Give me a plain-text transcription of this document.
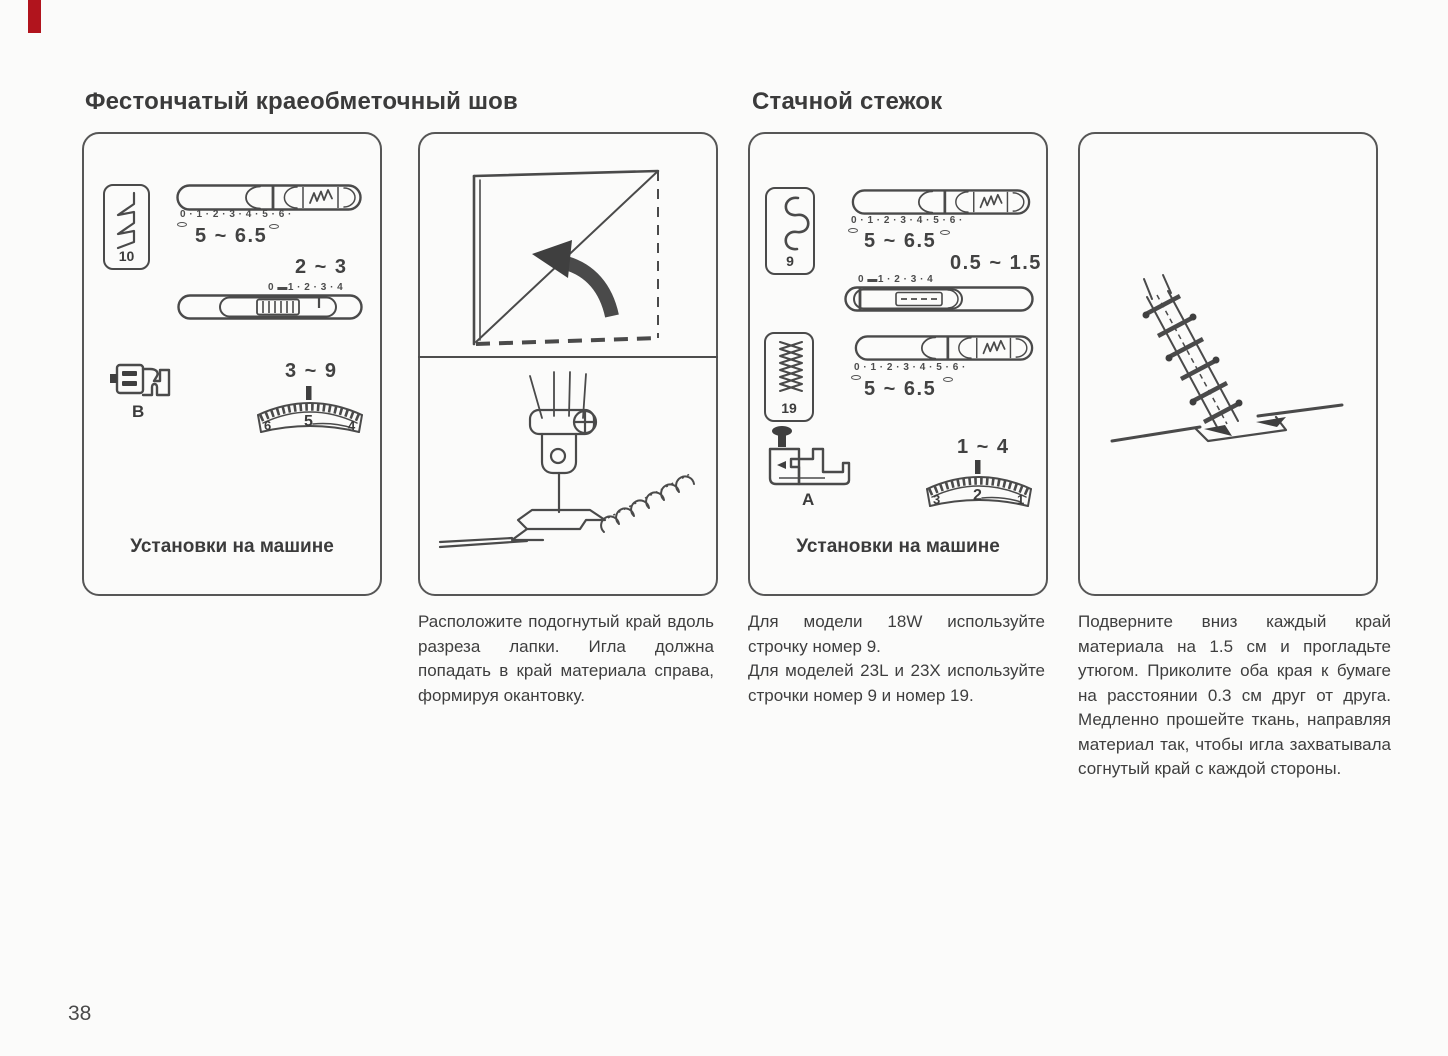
Фестончатый краеобметочный шов	Стачной стежок
10
0 · 1 · 2 · 3 · 4 · 5 · 6 ·
5 ~ 6.5
2 ~ 3
0 ▬1 · 2 · 3 · 4
B
3 ~ 9
6 5	4
Установки на машине
9
0 · 1 · 2 · 3 · 4 · 5 · 6 ·
5 ~ 6.5
0.5 ~ 1.5
0 ▬1 · 2 · 3 · 4
19
0 · 1 · 2 · 3 · 4 · 5 · 6 ·
5 ~ 6.5
A
1 ~ 4
3 2	1
Установки на машине

Расположите подогнутый край вдоль разреза лапки. Игла должна попадать в край материала справа, формируя окантовку.

Для модели 18W используйте строчку номер 9.

Для моделей 23L и 23X используйте строчки номер 9 и номер 19.

Подверните вниз каждый край материала на 1.5 см и прогладьте утюгом. Приколите оба края к бумаге на расстоянии 0.3 см друг от друга. Медленно прошейте ткань, направляя материал так, чтобы игла захватывала согнутый край с каждой стороны.

38
